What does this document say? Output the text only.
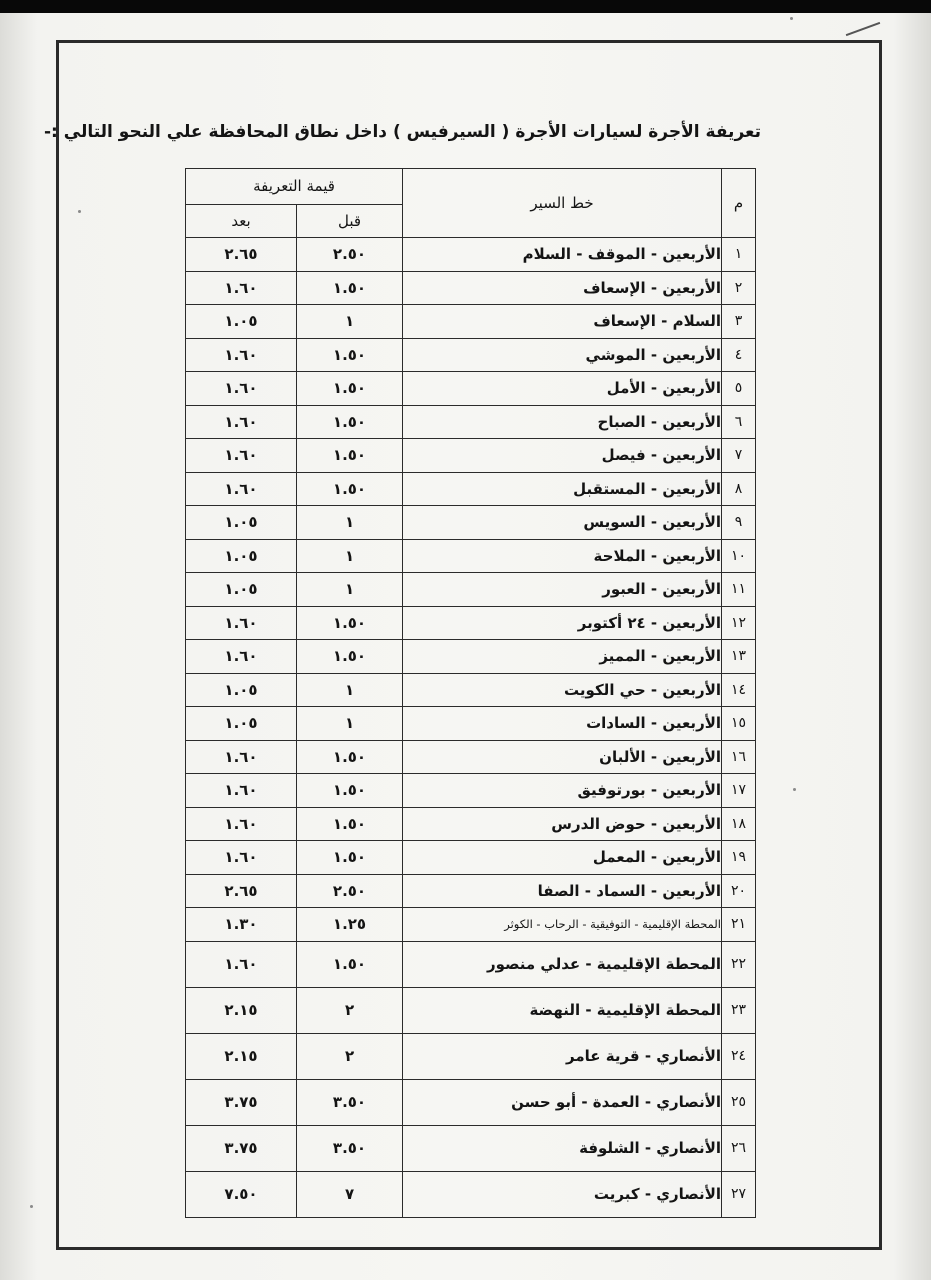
تعريفة الأجرة لسيارات الأجرة ( السيرفيس ) داخل نطاق المحافظة علي النحو التالي :-
م	خط السير	قيمة التعريفة	
		قبل	بعد
١	الأربعين - الموقف - السلام	٢.٥٠	٢.٦٥
٢	الأربعين - الإسعاف	١.٥٠	١.٦٠
٣	السلام - الإسعاف	١	١.٠٥
٤	الأربعين - الموشي	١.٥٠	١.٦٠
٥	الأربعين - الأمل	١.٥٠	١.٦٠
٦	الأربعين - الصباح	١.٥٠	١.٦٠
٧	الأربعين - فيصل	١.٥٠	١.٦٠
٨	الأربعين - المستقبل	١.٥٠	١.٦٠
٩	الأربعين - السويس	١	١.٠٥
١٠	الأربعين - الملاحة	١	١.٠٥
١١	الأربعين - العبور	١	١.٠٥
١٢	الأربعين - ٢٤ أكتوبر	١.٥٠	١.٦٠
١٣	الأربعين - المميز	١.٥٠	١.٦٠
١٤	الأربعين - حي الكويت	١	١.٠٥
١٥	الأربعين - السادات	١	١.٠٥
١٦	الأربعين - الألبان	١.٥٠	١.٦٠
١٧	الأربعين - بورتوفيق	١.٥٠	١.٦٠
١٨	الأربعين - حوض الدرس	١.٥٠	١.٦٠
١٩	الأربعين - المعمل	١.٥٠	١.٦٠
٢٠	الأربعين - السماد - الصفا	٢.٥٠	٢.٦٥
٢١	المحطة الإقليمية - التوفيقية - الرحاب - الكوثر	١.٢٥	١.٣٠
٢٢	المحطة الإقليمية - عدلي منصور	١.٥٠	١.٦٠
٢٣	المحطة الإقليمية - النهضة	٢	٢.١٥
٢٤	الأنصاري - قرية عامر	٢	٢.١٥
٢٥	الأنصاري - العمدة - أبو حسن	٣.٥٠	٣.٧٥
٢٦	الأنصاري - الشلوفة	٣.٥٠	٣.٧٥
٢٧	الأنصاري - كبريت	٧	٧.٥٠
